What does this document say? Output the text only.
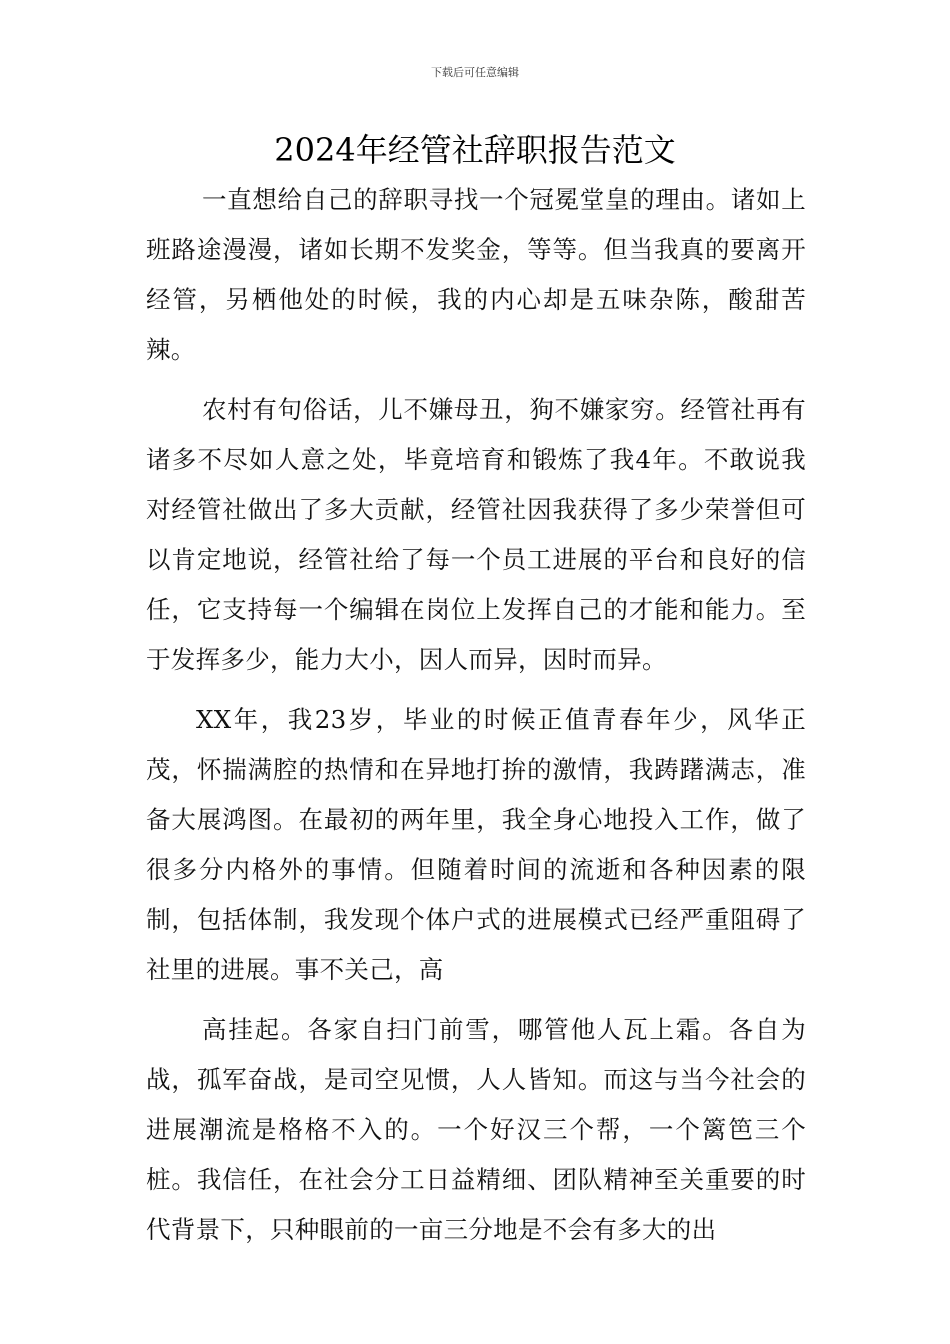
下载后可任意编辑
2024年经管社辞职报告范文

一直想给自己的辞职寻找一个冠冕堂皇的理由。诸如上班路途漫漫，诸如长期不发奖金，等等。但当我真的要离开经管，另栖他处的时候，我的内心却是五味杂陈，酸甜苦辣。

农村有句俗话，儿不嫌母丑，狗不嫌家穷。经管社再有诸多不尽如人意之处，毕竟培育和锻炼了我4年。不敢说我对经管社做出了多大贡献，经管社因我获得了多少荣誉但可以肯定地说，经管社给了每一个员工进展的平台和良好的信任，它支持每一个编辑在岗位上发挥自己的才能和能力。至于发挥多少，能力大小，因人而异，因时而异。

XX年，我23岁，毕业的时候正值青春年少，风华正茂，怀揣满腔的热情和在异地打拚的激情，我踌躇满志，准备大展鸿图。在最初的两年里，我全身心地投入工作，做了很多分内格外的事情。但随着时间的流逝和各种因素的限制，包括体制，我发现个体户式的进展模式已经严重阻碍了社里的进展。事不关己，高

高挂起。各家自扫门前雪，哪管他人瓦上霜。各自为战，孤军奋战，是司空见惯，人人皆知。而这与当今社会的进展潮流是格格不入的。一个好汉三个帮，一个篱笆三个桩。我信任，在社会分工日益精细、团队精神至关重要的时代背景下，只种眼前的一亩三分地是不会有多大的出
